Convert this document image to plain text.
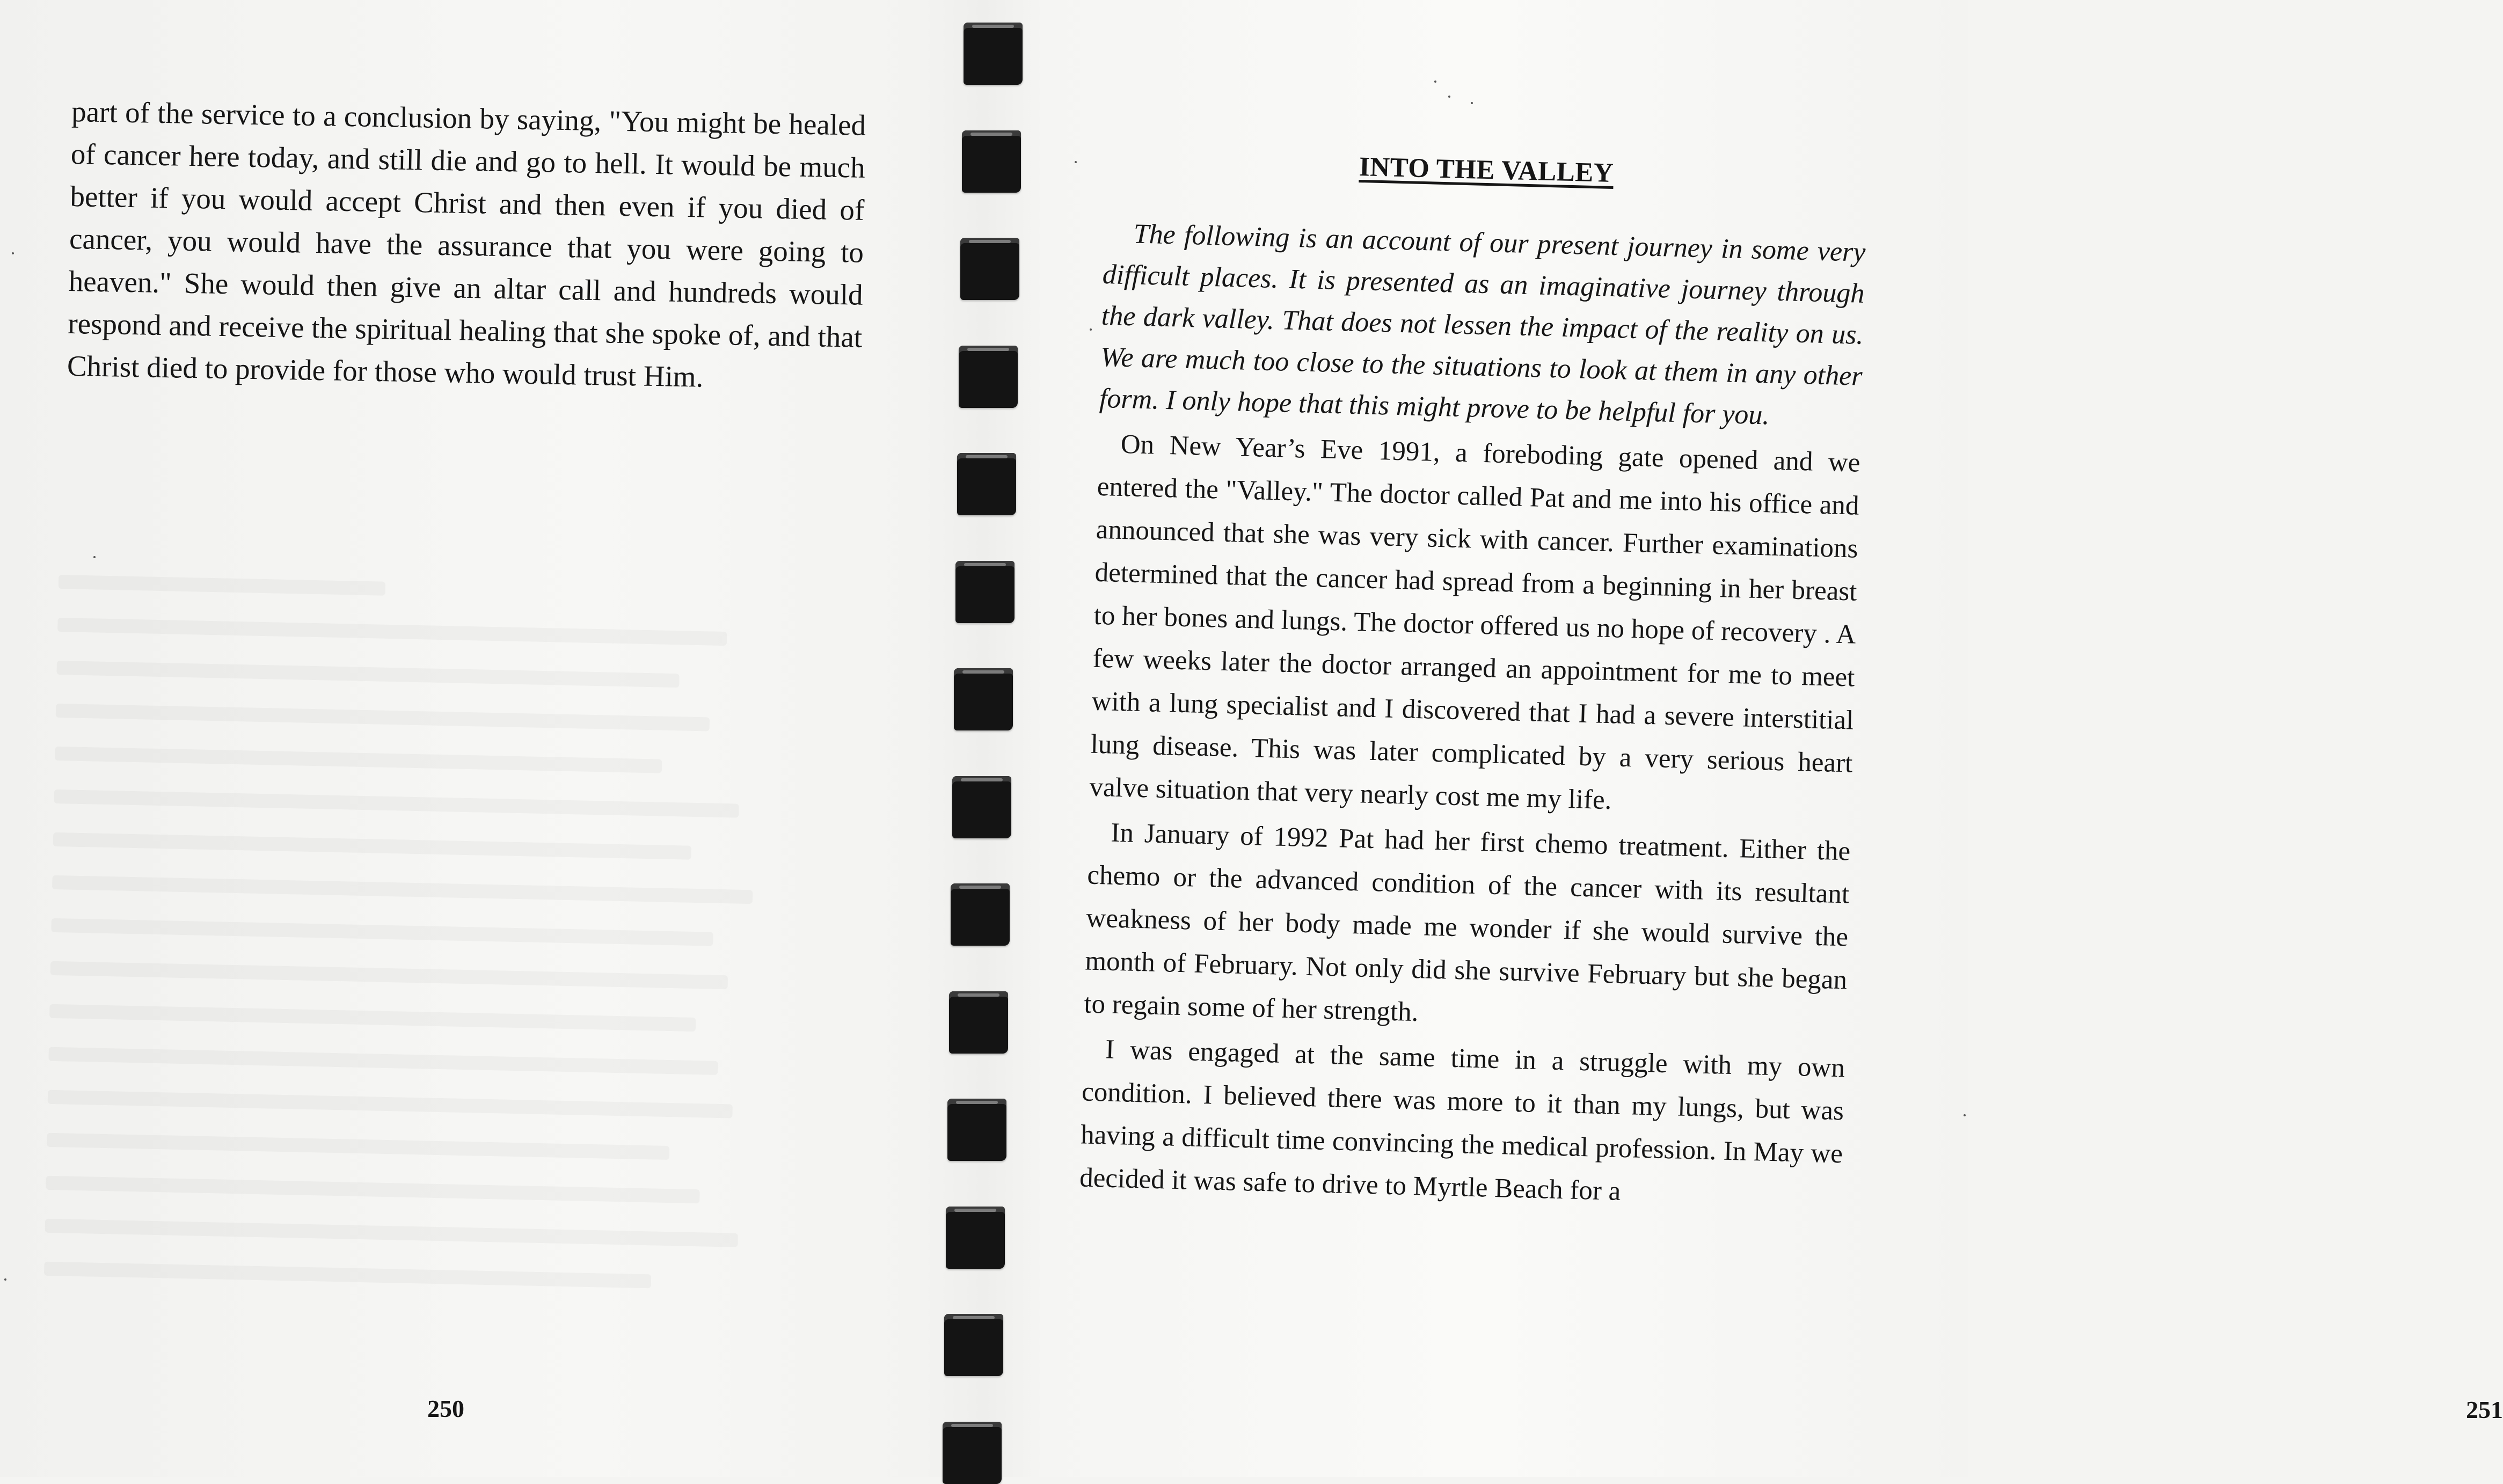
part of the service to a conclusion by saying, "You might be healed of cancer here today, and still die and go to hell. It would be much better if you would accept Christ and then even if you died of cancer, you would have the assurance that you were going to heaven." She would then give an altar call and hundreds would respond and receive the spiritual healing that she spoke of, and that Christ died to provide for those who would trust Him.

250	251
INTO THE VALLEY

The following is an account of our present journey in some very difficult places. It is presented as an imaginative journey through the dark valley. That does not lessen the impact of the reality on us. We are much too close to the situations to look at them in any other form. I only hope that this might prove to be helpful for you.

On New Year’s Eve 1991, a foreboding gate opened and we entered the "Valley." The doctor called Pat and me into his office and announced that she was very sick with cancer. Further examinations determined that the cancer had spread from a beginning in her breast to her bones and lungs. The doctor offered us no hope of recovery . A few weeks later the doctor arranged an appointment for me to meet with a lung specialist and I discovered that I had a severe interstitial lung disease. This was later complicated by a very serious heart valve situation that very nearly cost me my life.

In January of 1992 Pat had her first chemo treatment. Either the chemo or the advanced condition of the cancer with its resultant weakness of her body made me wonder if she would survive the month of February. Not only did she survive February but she began to regain some of her strength.

I was engaged at the same time in a struggle with my own condition. I believed there was more to it than my lungs, but was having a difficult time convincing the medical profession. In May we decided it was safe to drive to Myrtle Beach for a
